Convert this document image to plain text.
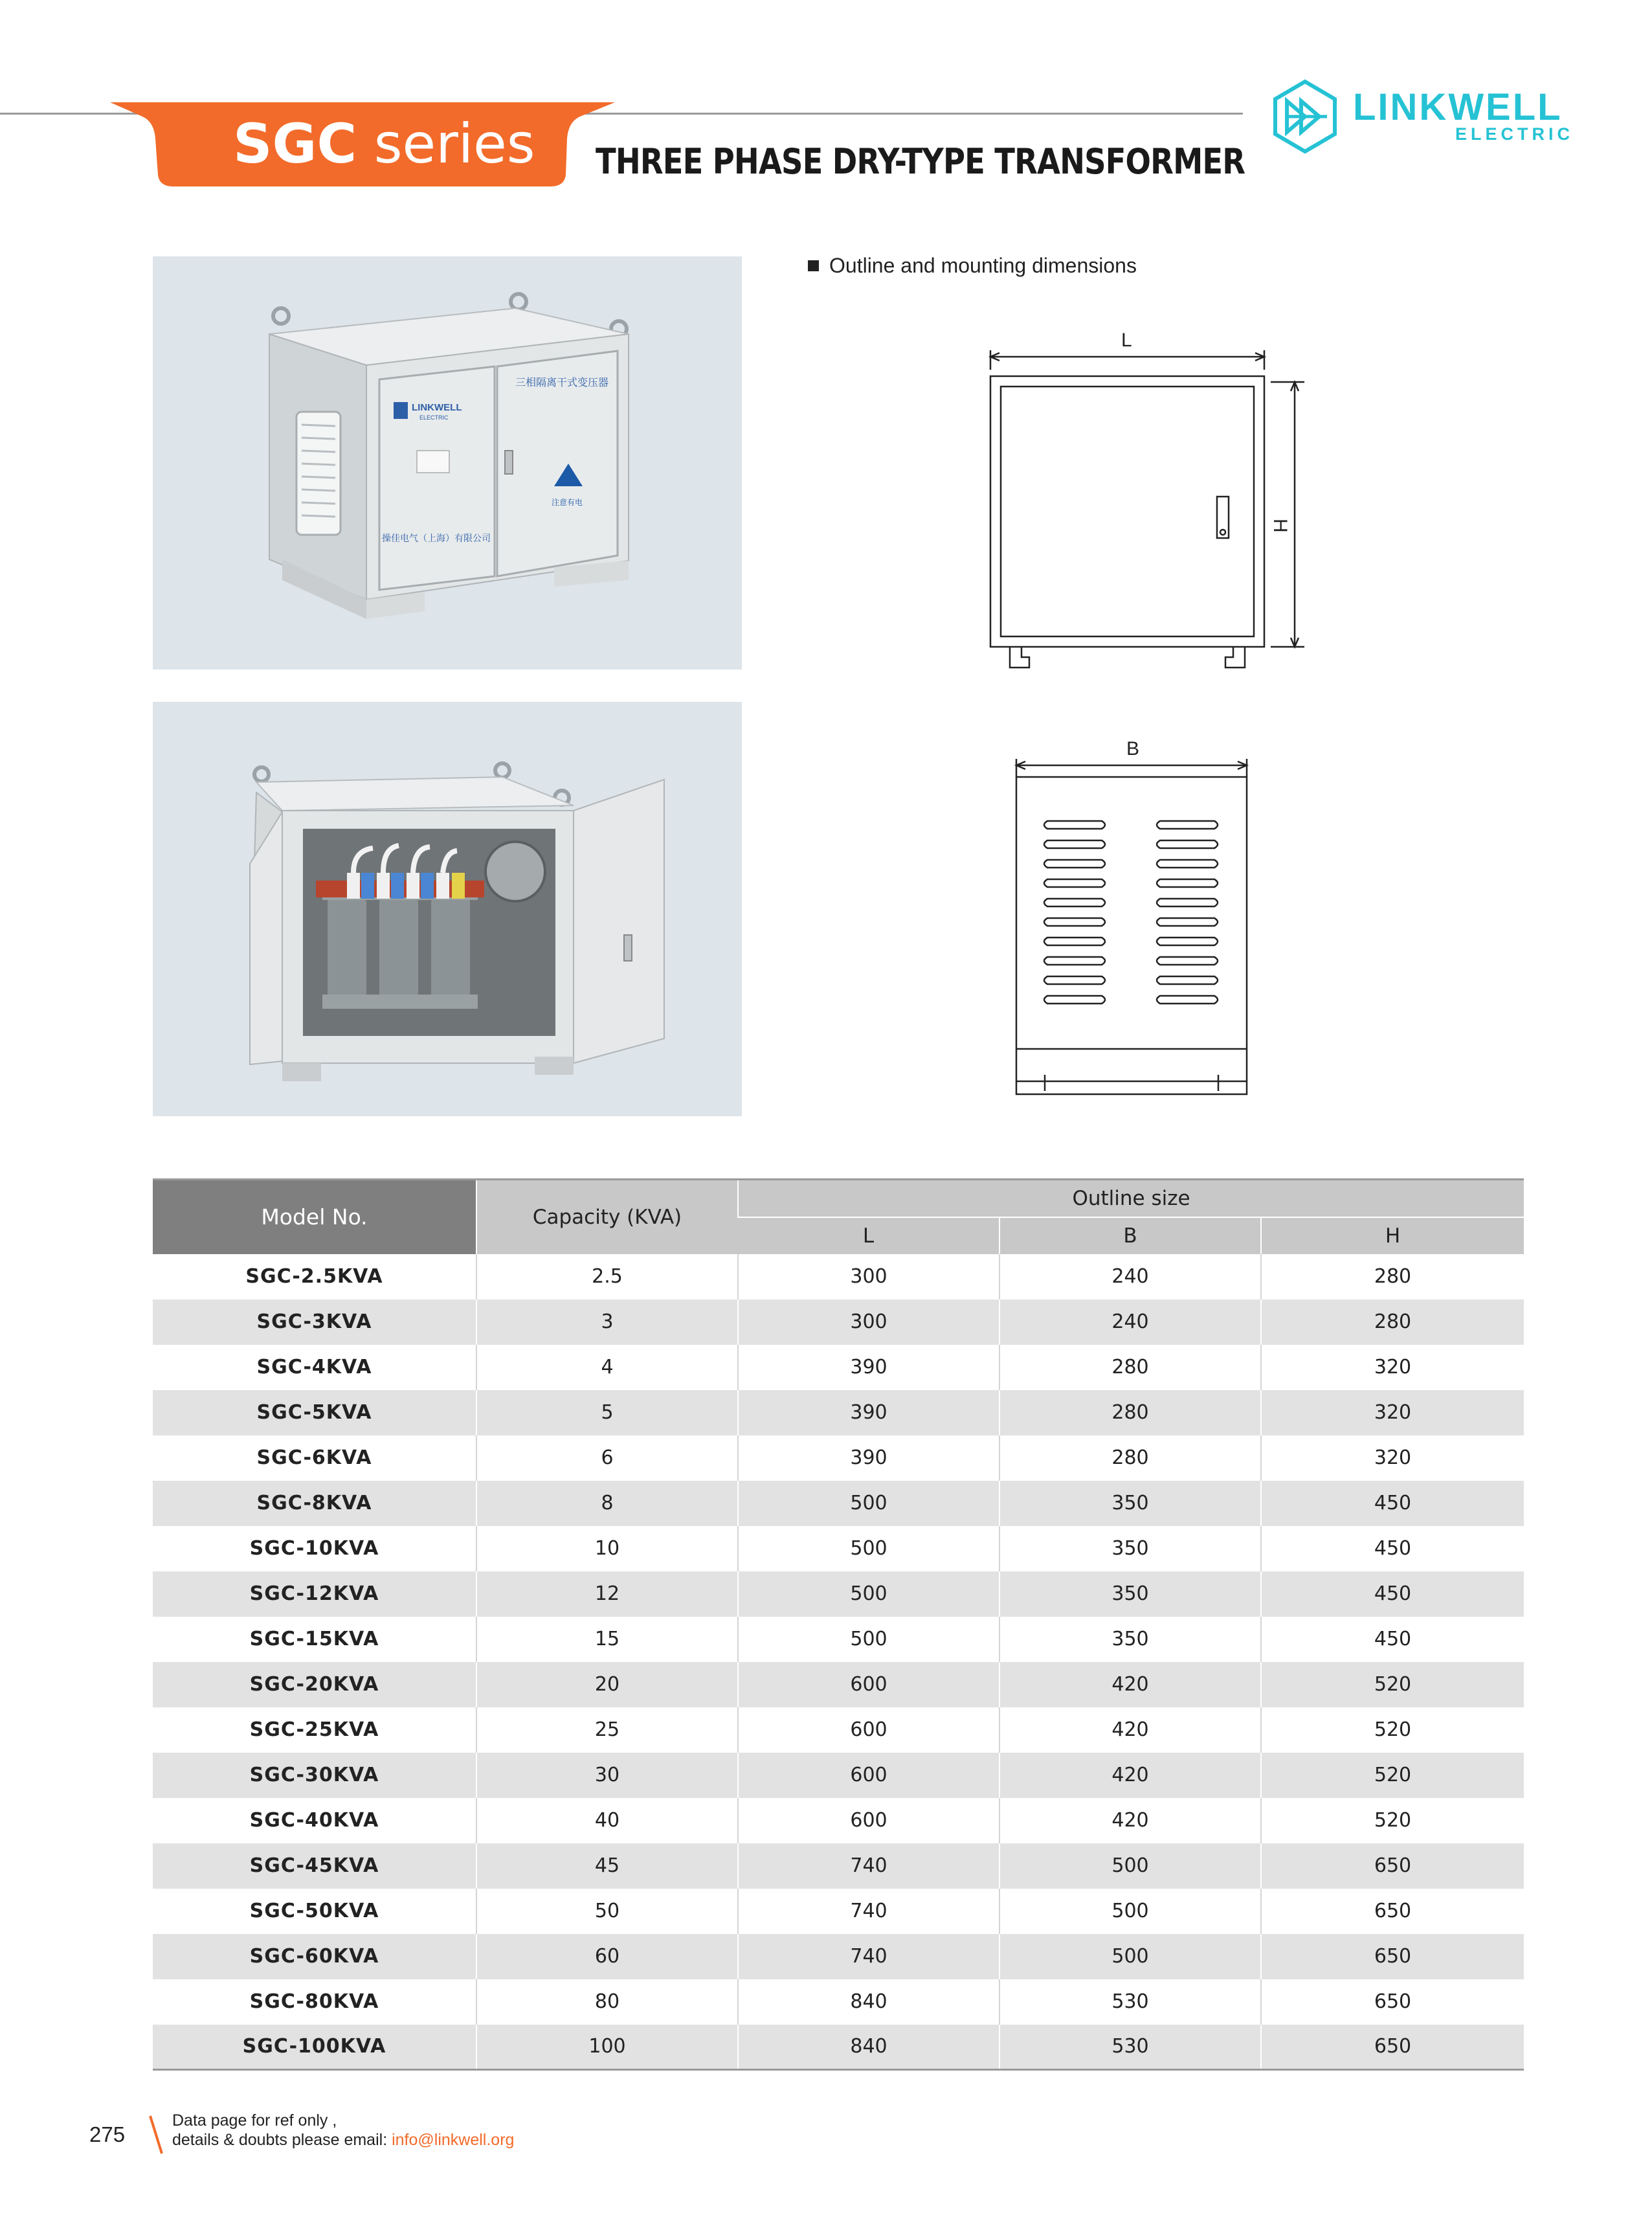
SGC series THREE PHASE DRY-TYPE TRANSFORMER
LINKWELL
ELECTRIC
LINKWELL
ELECTRIC
三相隔离干式变压器
操佳电气（上海）有限公司
注意有电
Outline and mounting dimensions
L
H
B
Model No.	Capacity (KVA)	Outline size		
		L	B	H
SGC-2.5KVA	2.5	300	240	280
SGC-3KVA	3	300	240	280
SGC-4KVA	4	390	280	320
SGC-5KVA	5	390	280	320
SGC-6KVA	6	390	280	320
SGC-8KVA	8	500	350	450
SGC-10KVA	10	500	350	450
SGC-12KVA	12	500	350	450
SGC-15KVA	15	500	350	450
SGC-20KVA	20	600	420	520
SGC-25KVA	25	600	420	520
SGC-30KVA	30	600	420	520
SGC-40KVA	40	600	420	520
SGC-45KVA	45	740	500	650
SGC-50KVA	50	740	500	650
SGC-60KVA	60	740	500	650
SGC-80KVA	80	840	530	650
SGC-100KVA	100	840	530	650
275
Data page for ref only ,
details & doubts please email: info@linkwell.org
